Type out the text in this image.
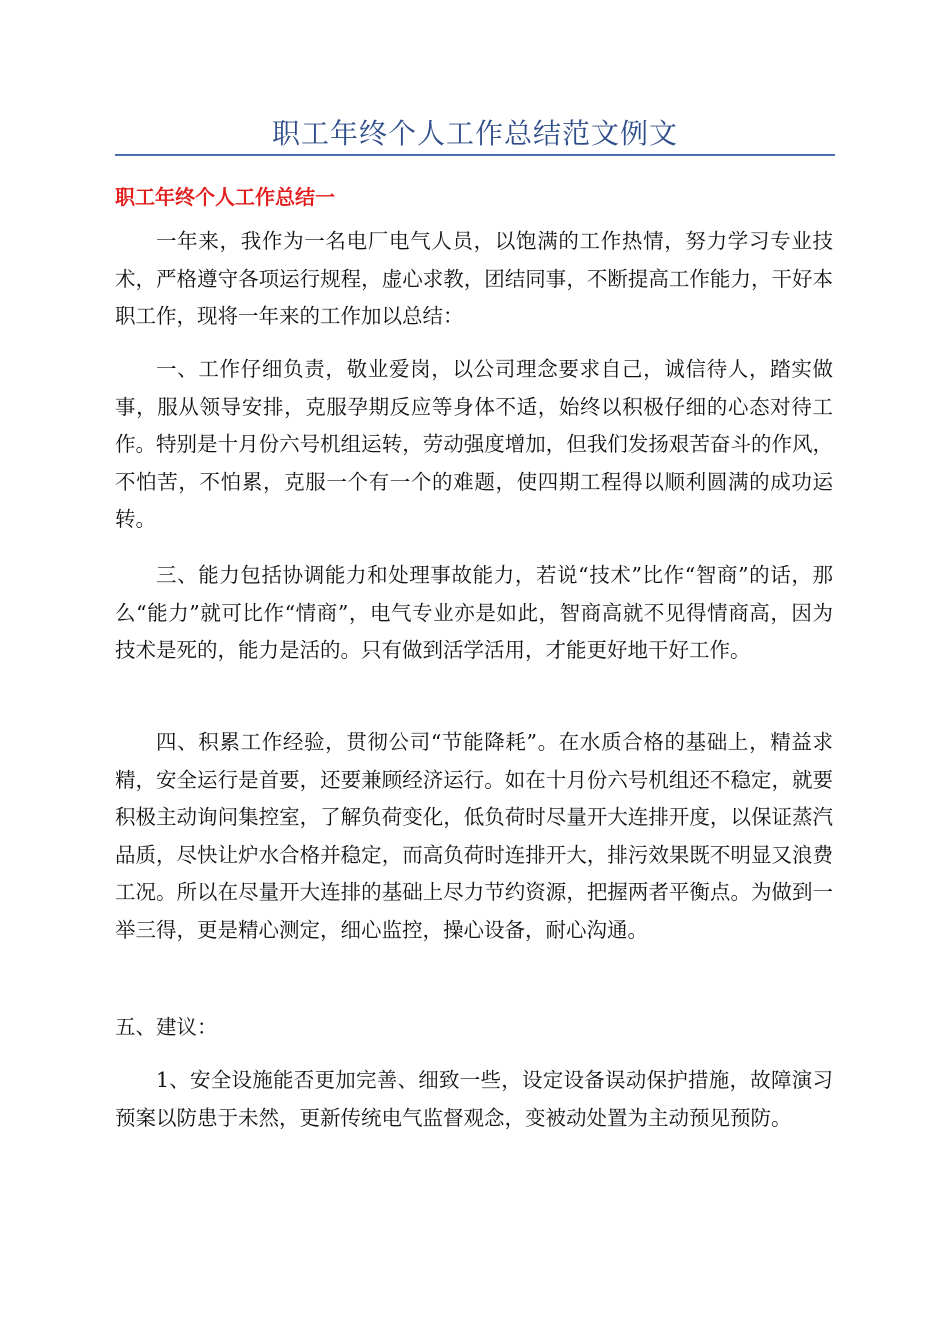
职工年终个人工作总结范文例文
职工年终个人工作总结一

一年来，我作为一名电厂电气人员，以饱满的工作热情，努力学习专业技术，严格遵守各项运行规程，虚心求教，团结同事，不断提高工作能力，干好本职工作，现将一年来的工作加以总结：

一、工作仔细负责，敬业爱岗，以公司理念要求自己，诚信待人，踏实做事，服从领导安排，克服孕期反应等身体不适，始终以积极仔细的心态对待工作。特别是十月份六号机组运转，劳动强度增加，但我们发扬艰苦奋斗的作风，不怕苦，不怕累，克服一个有一个的难题，使四期工程得以顺利圆满的成功运转。

三、能力包括协调能力和处理事故能力，若说“技术”比作“智商”的话，那么“能力”就可比作“情商”，电气专业亦是如此，智商高就不见得情商高，因为技术是死的，能力是活的。只有做到活学活用，才能更好地干好工作。

四、积累工作经验，贯彻公司“节能降耗”。在水质合格的基础上，精益求精，安全运行是首要，还要兼顾经济运行。如在十月份六号机组还不稳定，就要积极主动询问集控室，了解负荷变化，低负荷时尽量开大连排开度，以保证蒸汽品质，尽快让炉水合格并稳定，而高负荷时连排开大，排污效果既不明显又浪费工况。所以在尽量开大连排的基础上尽力节约资源，把握两者平衡点。为做到一举三得，更是精心测定，细心监控，操心设备，耐心沟通。

五、建议：

1、安全设施能否更加完善、细致一些，设定设备误动保护措施，故障演习预案以防患于未然，更新传统电气监督观念，变被动处置为主动预见预防。
